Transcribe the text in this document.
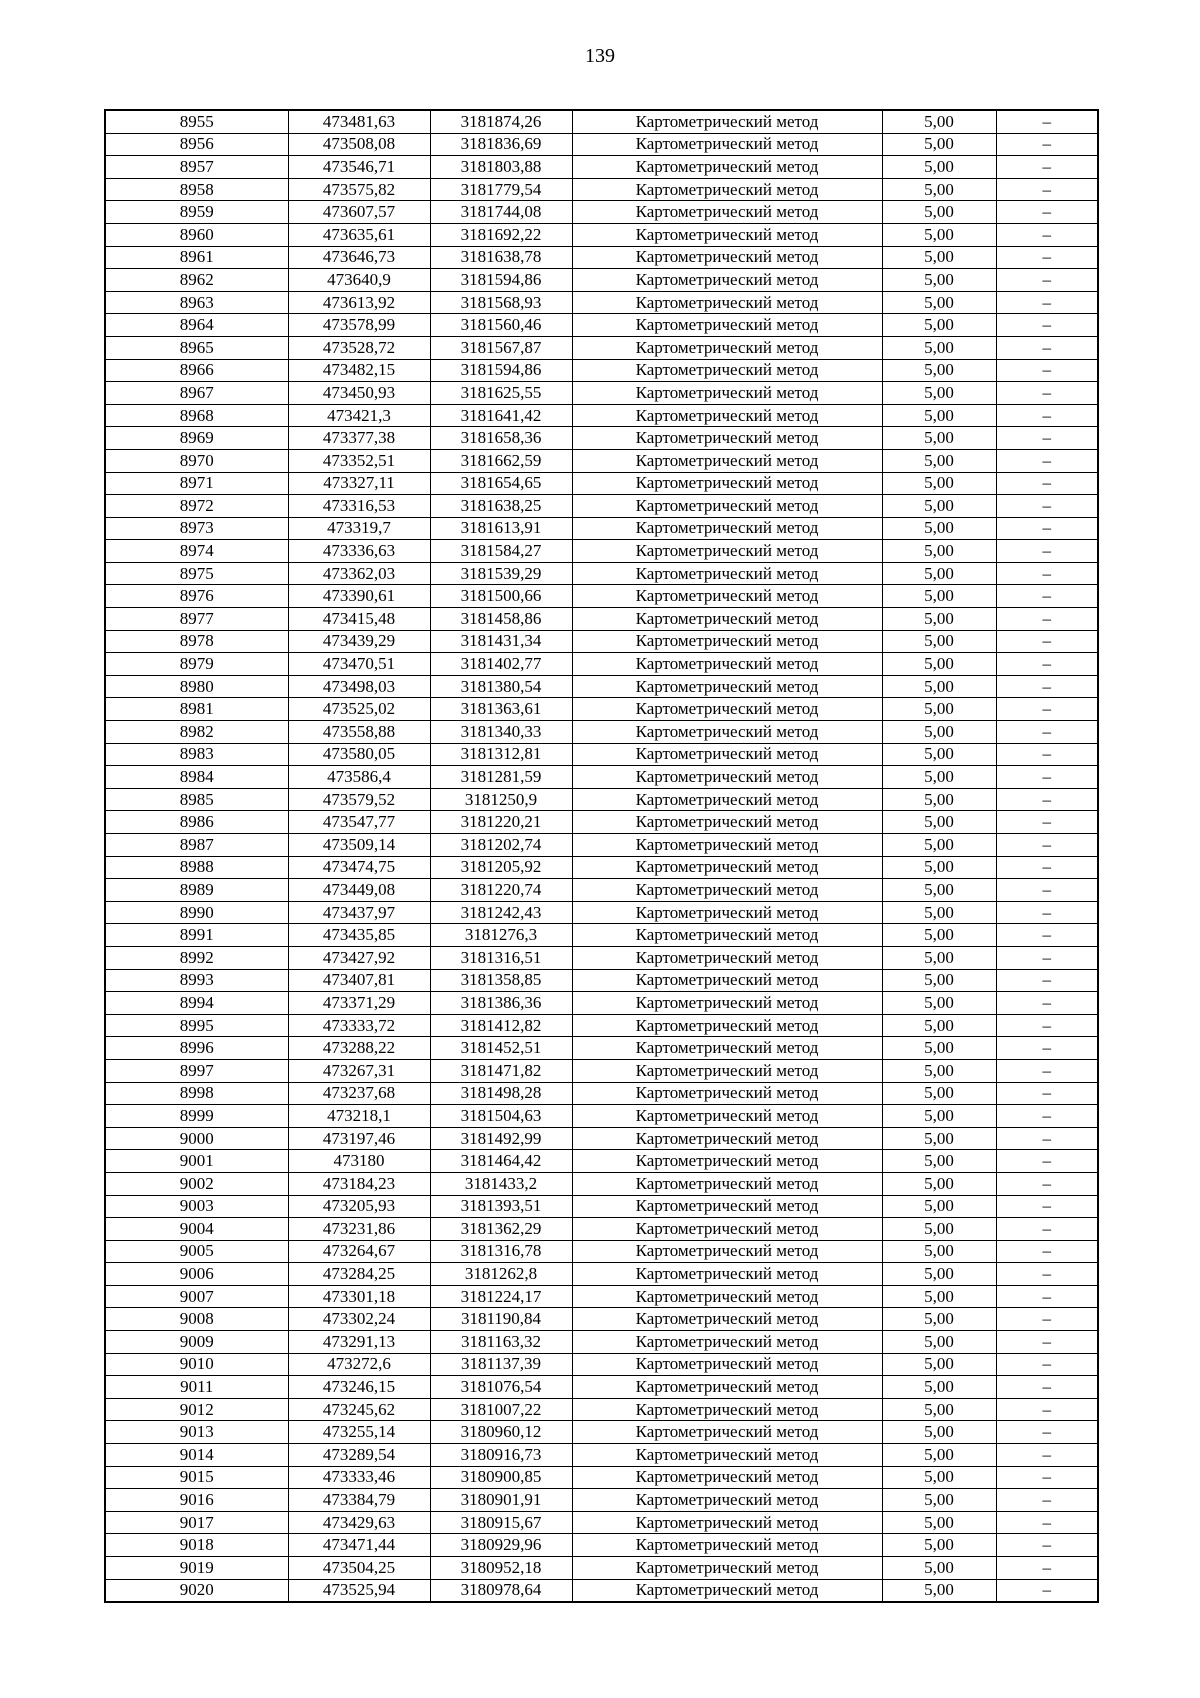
139
8955	473481,63	3181874,26	Картометрический метод	5,00	–
8956	473508,08	3181836,69	Картометрический метод	5,00	–
8957	473546,71	3181803,88	Картометрический метод	5,00	–
8958	473575,82	3181779,54	Картометрический метод	5,00	–
8959	473607,57	3181744,08	Картометрический метод	5,00	–
8960	473635,61	3181692,22	Картометрический метод	5,00	–
8961	473646,73	3181638,78	Картометрический метод	5,00	–
8962	473640,9	3181594,86	Картометрический метод	5,00	–
8963	473613,92	3181568,93	Картометрический метод	5,00	–
8964	473578,99	3181560,46	Картометрический метод	5,00	–
8965	473528,72	3181567,87	Картометрический метод	5,00	–
8966	473482,15	3181594,86	Картометрический метод	5,00	–
8967	473450,93	3181625,55	Картометрический метод	5,00	–
8968	473421,3	3181641,42	Картометрический метод	5,00	–
8969	473377,38	3181658,36	Картометрический метод	5,00	–
8970	473352,51	3181662,59	Картометрический метод	5,00	–
8971	473327,11	3181654,65	Картометрический метод	5,00	–
8972	473316,53	3181638,25	Картометрический метод	5,00	–
8973	473319,7	3181613,91	Картометрический метод	5,00	–
8974	473336,63	3181584,27	Картометрический метод	5,00	–
8975	473362,03	3181539,29	Картометрический метод	5,00	–
8976	473390,61	3181500,66	Картометрический метод	5,00	–
8977	473415,48	3181458,86	Картометрический метод	5,00	–
8978	473439,29	3181431,34	Картометрический метод	5,00	–
8979	473470,51	3181402,77	Картометрический метод	5,00	–
8980	473498,03	3181380,54	Картометрический метод	5,00	–
8981	473525,02	3181363,61	Картометрический метод	5,00	–
8982	473558,88	3181340,33	Картометрический метод	5,00	–
8983	473580,05	3181312,81	Картометрический метод	5,00	–
8984	473586,4	3181281,59	Картометрический метод	5,00	–
8985	473579,52	3181250,9	Картометрический метод	5,00	–
8986	473547,77	3181220,21	Картометрический метод	5,00	–
8987	473509,14	3181202,74	Картометрический метод	5,00	–
8988	473474,75	3181205,92	Картометрический метод	5,00	–
8989	473449,08	3181220,74	Картометрический метод	5,00	–
8990	473437,97	3181242,43	Картометрический метод	5,00	–
8991	473435,85	3181276,3	Картометрический метод	5,00	–
8992	473427,92	3181316,51	Картометрический метод	5,00	–
8993	473407,81	3181358,85	Картометрический метод	5,00	–
8994	473371,29	3181386,36	Картометрический метод	5,00	–
8995	473333,72	3181412,82	Картометрический метод	5,00	–
8996	473288,22	3181452,51	Картометрический метод	5,00	–
8997	473267,31	3181471,82	Картометрический метод	5,00	–
8998	473237,68	3181498,28	Картометрический метод	5,00	–
8999	473218,1	3181504,63	Картометрический метод	5,00	–
9000	473197,46	3181492,99	Картометрический метод	5,00	–
9001	473180	3181464,42	Картометрический метод	5,00	–
9002	473184,23	3181433,2	Картометрический метод	5,00	–
9003	473205,93	3181393,51	Картометрический метод	5,00	–
9004	473231,86	3181362,29	Картометрический метод	5,00	–
9005	473264,67	3181316,78	Картометрический метод	5,00	–
9006	473284,25	3181262,8	Картометрический метод	5,00	–
9007	473301,18	3181224,17	Картометрический метод	5,00	–
9008	473302,24	3181190,84	Картометрический метод	5,00	–
9009	473291,13	3181163,32	Картометрический метод	5,00	–
9010	473272,6	3181137,39	Картометрический метод	5,00	–
9011	473246,15	3181076,54	Картометрический метод	5,00	–
9012	473245,62	3181007,22	Картометрический метод	5,00	–
9013	473255,14	3180960,12	Картометрический метод	5,00	–
9014	473289,54	3180916,73	Картометрический метод	5,00	–
9015	473333,46	3180900,85	Картометрический метод	5,00	–
9016	473384,79	3180901,91	Картометрический метод	5,00	–
9017	473429,63	3180915,67	Картометрический метод	5,00	–
9018	473471,44	3180929,96	Картометрический метод	5,00	–
9019	473504,25	3180952,18	Картометрический метод	5,00	–
9020	473525,94	3180978,64	Картометрический метод	5,00	–
